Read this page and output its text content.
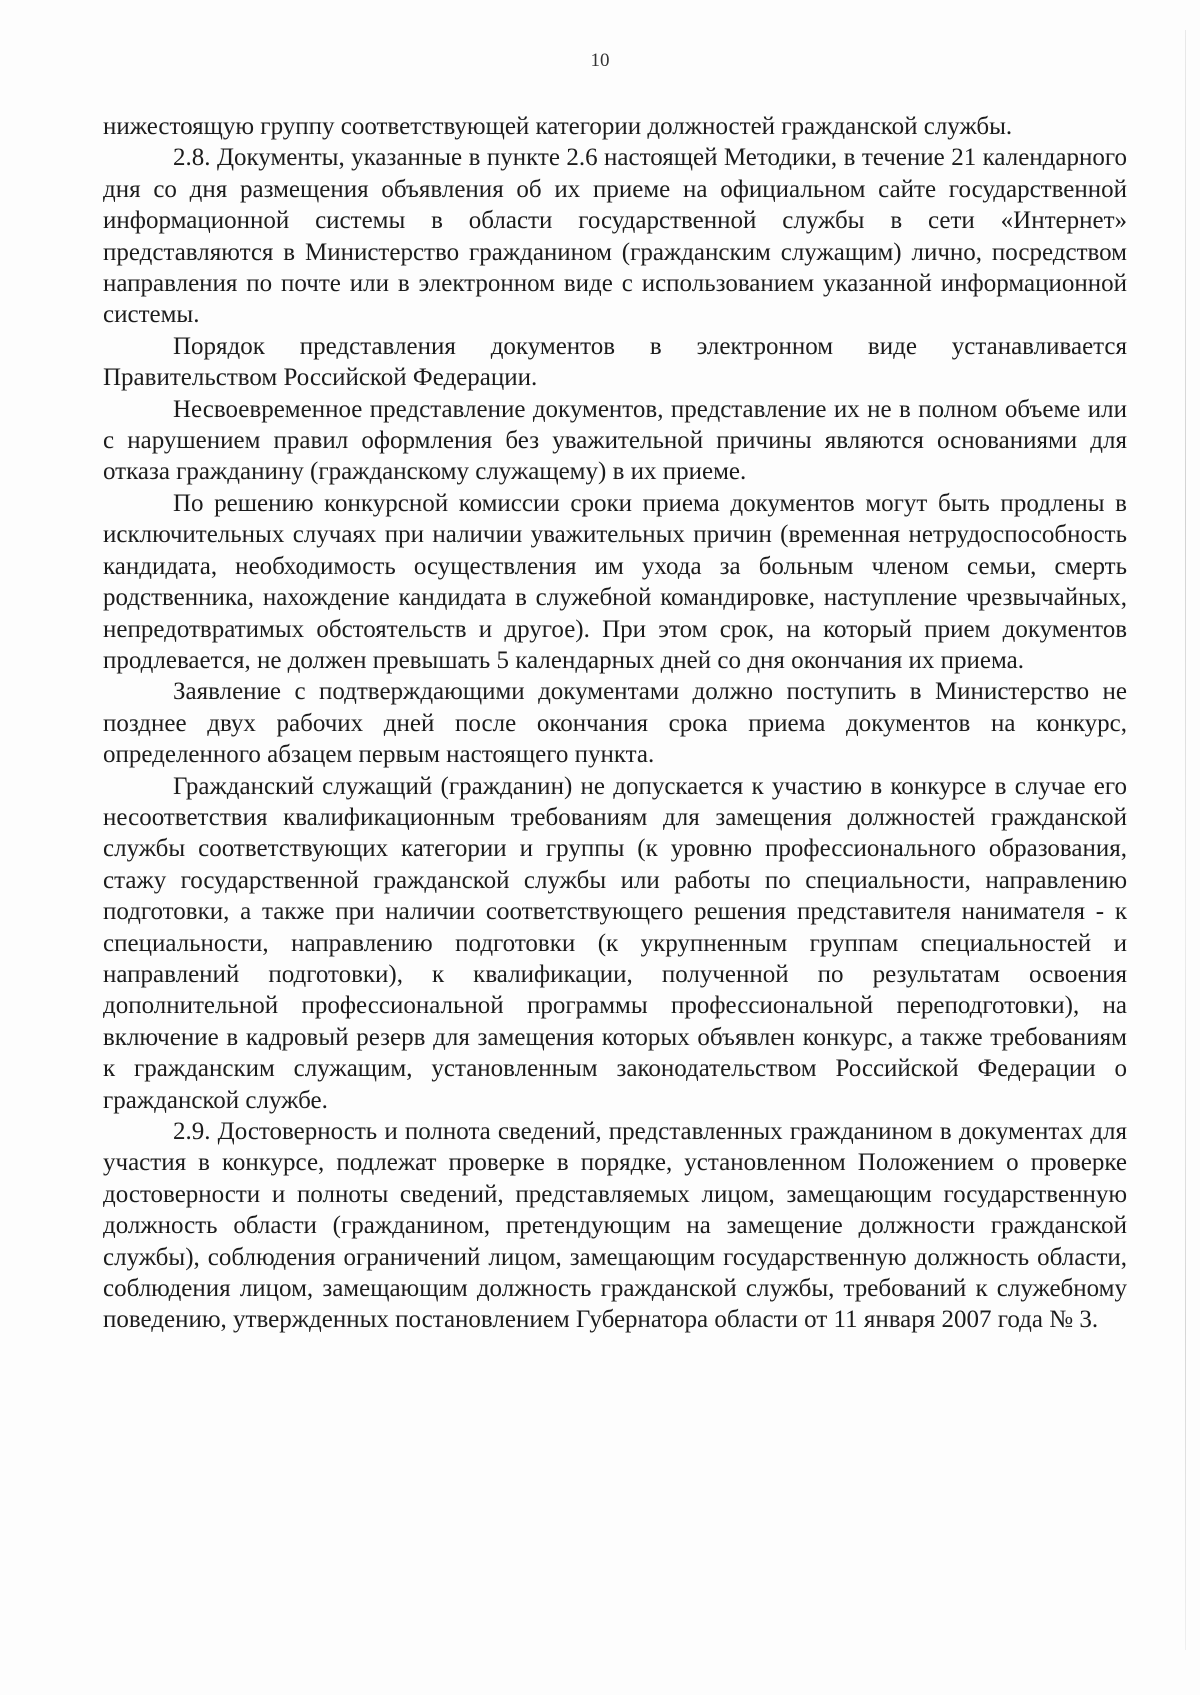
10

нижестоящую группу соответствующей категории должностей гражданской службы.

2.8. Документы, указанные в пункте 2.6 настоящей Методики, в течение 21 календарного дня со дня размещения объявления об их приеме на официальном сайте государственной информационной системы в области государственной службы в сети «Интернет» представляются в Министерство гражданином (гражданским служащим) лично, посредством направления по почте или в электронном виде с использованием указанной информационной системы.

Порядок представления документов в электронном виде устанавливается Правительством Российской Федерации.

Несвоевременное представление документов, представление их не в полном объеме или с нарушением правил оформления без уважительной причины являются основаниями для отказа гражданину (гражданскому служащему) в их приеме.

По решению конкурсной комиссии сроки приема документов могут быть продлены в исключительных случаях при наличии уважительных причин (временная нетрудоспособность кандидата, необходимость осуществления им ухода за больным членом семьи, смерть родственника, нахождение кандидата в служебной командировке, наступление чрезвычайных, непредотвратимых обстоятельств и другое). При этом срок, на который прием документов продлевается, не должен превышать 5 календарных дней со дня окончания их приема.

Заявление с подтверждающими документами должно поступить в Министерство не позднее двух рабочих дней после окончания срока приема документов на конкурс, определенного абзацем первым настоящего пункта.

Гражданский служащий (гражданин) не допускается к участию в конкурсе в случае его несоответствия квалификационным требованиям для замещения должностей гражданской службы соответствующих категории и группы (к уровню профессионального образования, стажу государственной гражданской службы или работы по специальности, направлению подготовки, а также при наличии соответствующего решения представителя нанимателя - к специальности, направлению подготовки (к укрупненным группам специальностей и направлений подготовки), к квалификации, полученной по результатам освоения дополнительной профессиональной программы профессиональной переподготовки), на включение в кадровый резерв для замещения которых объявлен конкурс, а также требованиям к гражданским служащим, установленным законодательством Российской Федерации о гражданской службе.

2.9. Достоверность и полнота сведений, представленных гражданином в документах для участия в конкурсе, подлежат проверке в порядке, установленном Положением о проверке достоверности и полноты сведений, представляемых лицом, замещающим государственную должность области (гражданином, претендующим на замещение должности гражданской службы), соблюдения ограничений лицом, замещающим государственную должность области, соблюдения лицом, замещающим должность гражданской службы, требований к служебному поведению, утвержденных постановлением Губернатора области от 11 января 2007 года № 3.
